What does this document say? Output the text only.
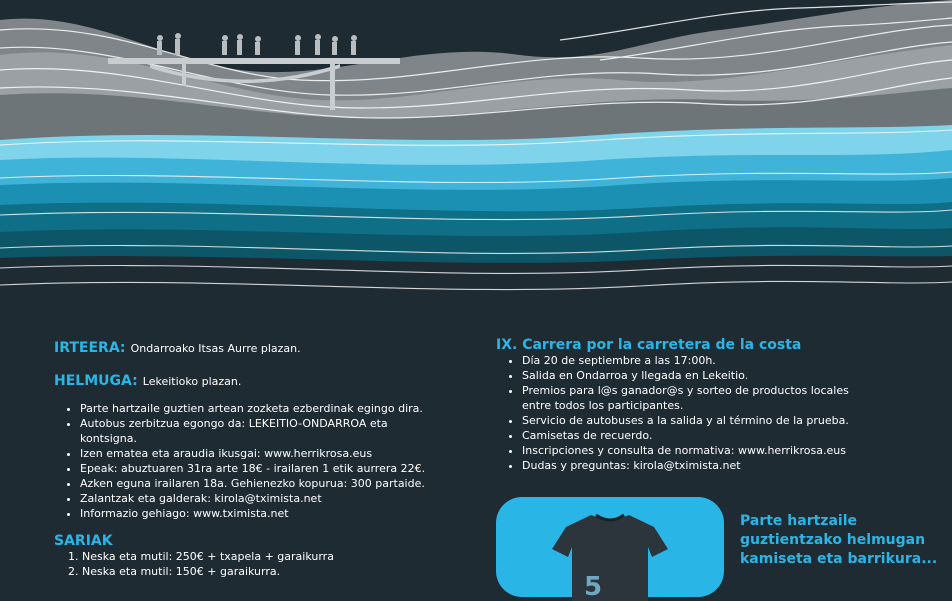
IRTEERA: Ondarroako Itsas Aurre plazan.
HELMUGA: Lekeitioko plazan.
• Parte hartzaile guztien artean zozketa ezberdinak egingo dira.
• Autobus zerbitzua egongo da: LEKEITIO-ONDARROA eta kontsigna.
• Izen ematea eta araudia ikusgai: www.herrikrosa.eus
• Epeak: abuztuaren 31ra arte 18€ - irailaren 1 etik aurrera 22€.
• Azken eguna irailaren 18a. Gehienezko kopurua: 300 partaide.
• Zalantzak eta galderak: kirola@tximista.net
• Informazio gehiago: www.tximista.net
SARIAK
1. Neska eta mutil: 250€ + txapela + garaikurra
2. Neska eta mutil: 150€ + garaikurra.
IX. Carrera por la carretera de la costa
• Día 20 de septiembre a las 17:00h.
• Salida en Ondarroa y llegada en Lekeitio.
• Premios para l@s ganador@s y sorteo de productos locales entre todos los participantes.
• Servicio de autobuses a la salida y al término de la prueba.
• Camisetas de recuerdo.
• Inscripciones y consulta de normativa: www.herrikrosa.eus
• Dudas y preguntas: kirola@tximista.net
5
Parte hartzaile guztientzako helmugan kamiseta eta barrikura...
